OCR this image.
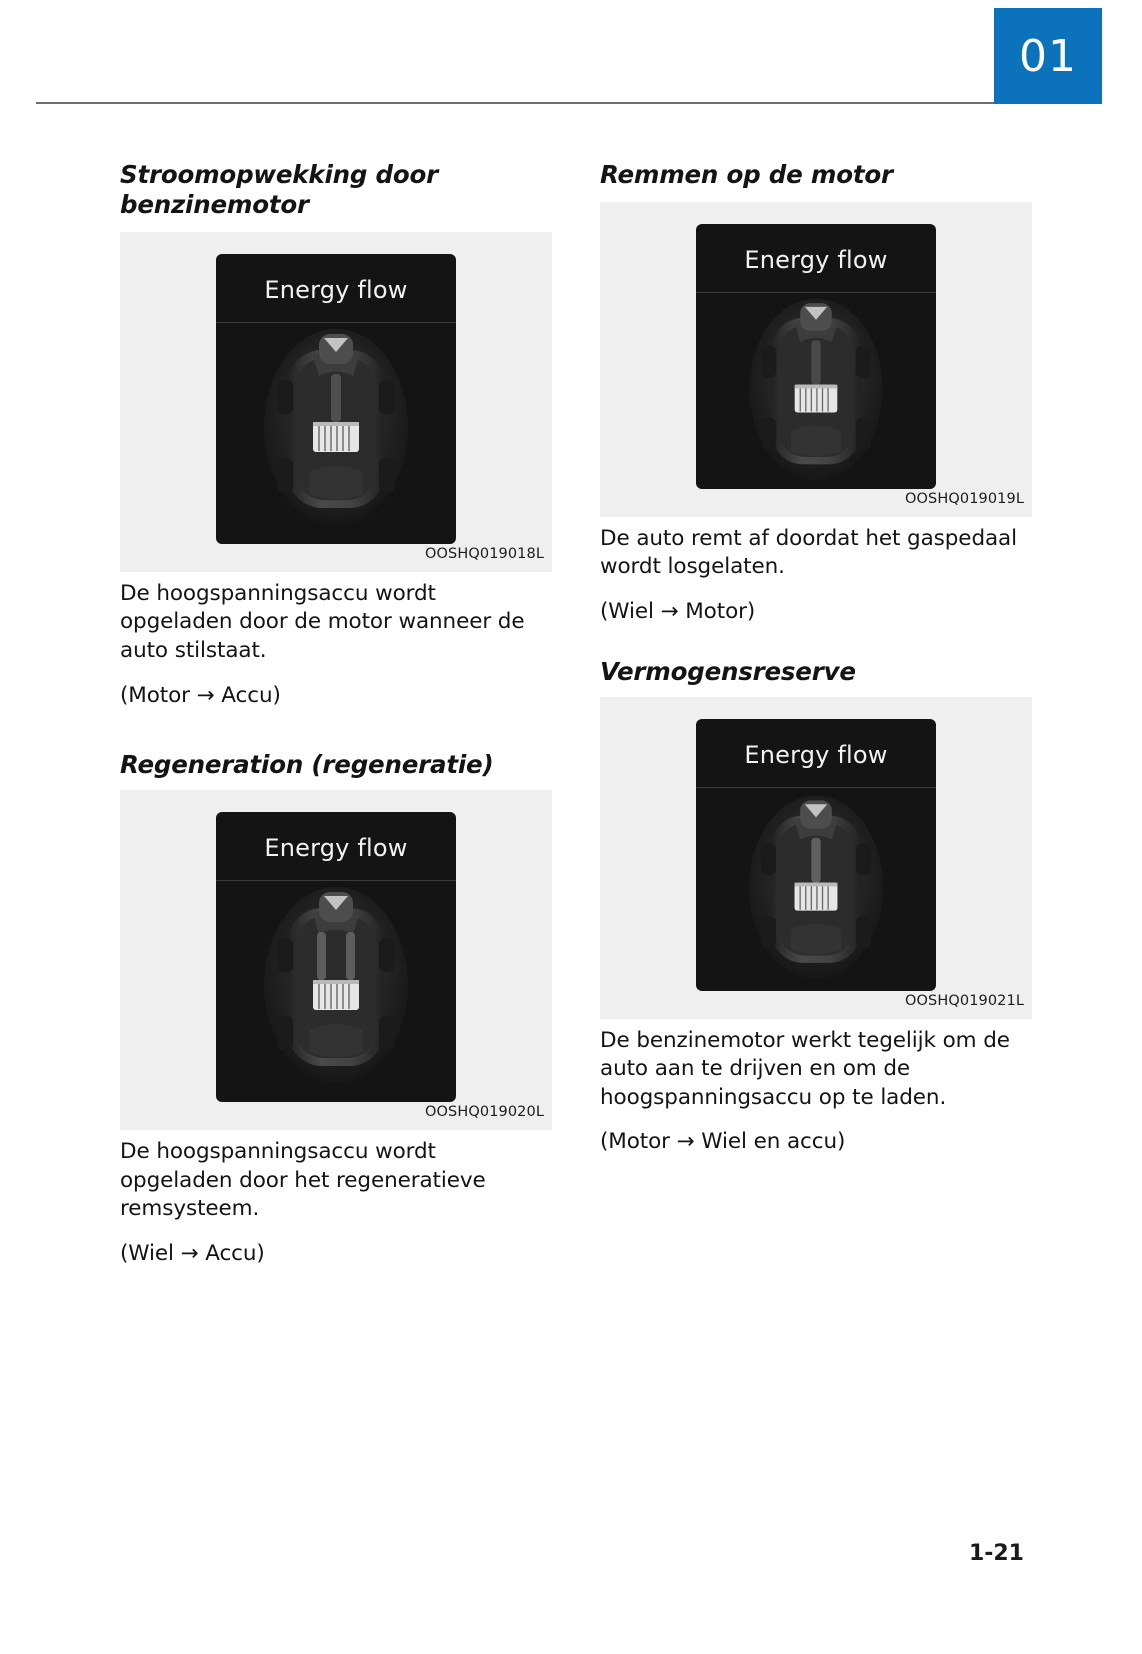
01
Stroomopwekking door benzinemotor
Energy flow
OOSHQ019018L

De hoogspanningsaccu wordt opgeladen door de motor wanneer de auto stilstaat.

(Motor → Accu)

Regeneration (regeneratie)
Energy flow
OOSHQ019020L

De hoogspanningsaccu wordt opgeladen door het regeneratieve remsysteem.

(Wiel → Accu)

Remmen op de motor
Energy flow
OOSHQ019019L

De auto remt af doordat het gaspedaal wordt losgelaten.

(Wiel → Motor)

Vermogensreserve
Energy flow
OOSHQ019021L

De benzinemotor werkt tegelijk om de auto aan te drijven en om de hoogspanningsaccu op te laden.

(Motor → Wiel en accu)

1-21
